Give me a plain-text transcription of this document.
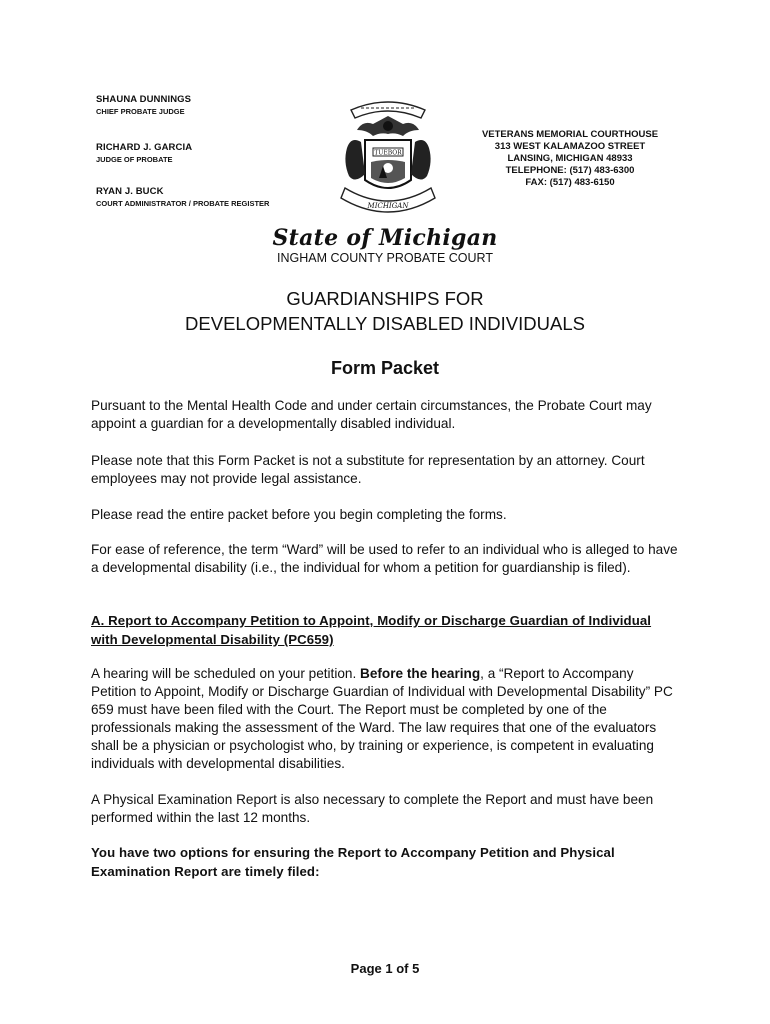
SHAUNA DUNNINGS
CHIEF PROBATE JUDGE
RICHARD J. GARCIA
JUDGE OF PROBATE
RYAN J. BUCK
COURT ADMINISTRATOR / PROBATE REGISTER
TUEBOR
MICHIGAN
VETERANS MEMORIAL COURTHOUSE
313 WEST KALAMAZOO STREET
LANSING, MICHIGAN 48933
TELEPHONE: (517) 483-6300
FAX: (517) 483-6150
State of Michigan
INGHAM COUNTY PROBATE COURT
GUARDIANSHIPS FOR
DEVELOPMENTALLY DISABLED INDIVIDUALS
Form Packet
Pursuant to the Mental Health Code and under certain circumstances, the Probate Court may appoint a guardian for a developmentally disabled individual.
Please note that this Form Packet is not a substitute for representation by an attorney. Court employees may not provide legal assistance.
Please read the entire packet before you begin completing the forms.
For ease of reference, the term “Ward” will be used to refer to an individual who is alleged to have a developmental disability (i.e., the individual for whom a petition for guardianship is filed).
A. Report to Accompany Petition to Appoint, Modify or Discharge Guardian of Individual with Developmental Disability (PC659)
A hearing will be scheduled on your petition. Before the hearing, a “Report to Accompany Petition to Appoint, Modify or Discharge Guardian of Individual with Developmental Disability” PC 659 must have been filed with the Court. The Report must be completed by one of the professionals making the assessment of the Ward. The law requires that one of the evaluators shall be a physician or psychologist who, by training or experience, is competent in evaluating individuals with developmental disabilities.
A Physical Examination Report is also necessary to complete the Report and must have been performed within the last 12 months.
You have two options for ensuring the Report to Accompany Petition and Physical Examination Report are timely filed:
Page 1 of 5
